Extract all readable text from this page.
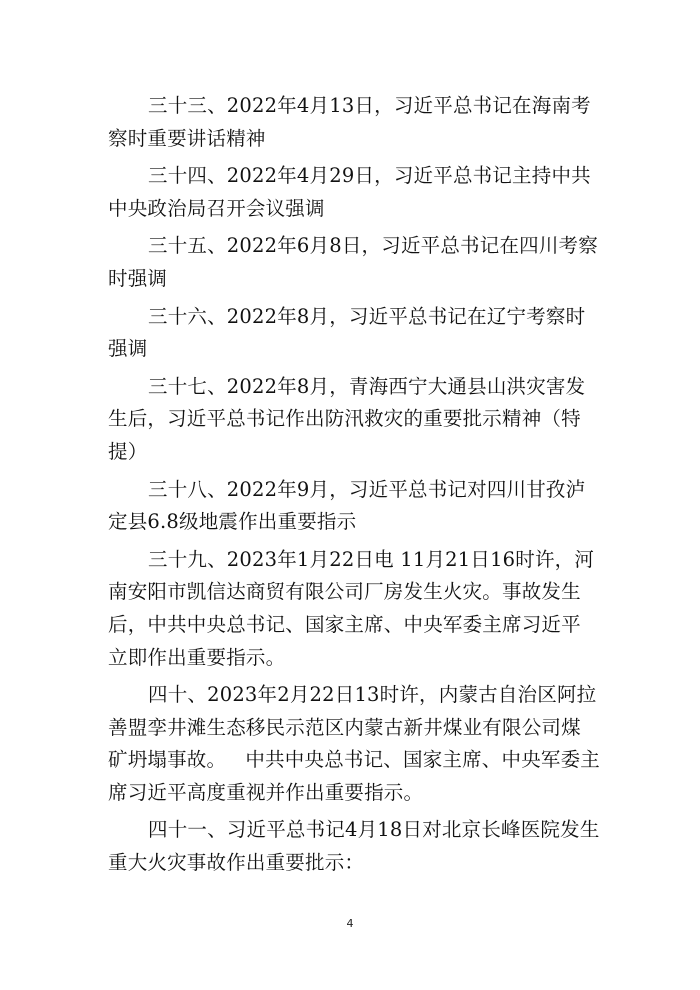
三十三、2022年4月13日，习近平总书记在海南考察时重要讲话精神

三十四、2022年4月29日，习近平总书记主持中共中央政治局召开会议强调

三十五、2022年6月8日，习近平总书记在四川考察时强调

三十六、2022年8月，习近平总书记在辽宁考察时强调

三十七、2022年8月，青海西宁大通县山洪灾害发生后，习近平总书记作出防汛救灾的重要批示精神（特提）

三十八、2022年9月，习近平总书记对四川甘孜泸定县6.8级地震作出重要指示

三十九、2023年1月22日电 11月21日16时许，河南安阳市凯信达商贸有限公司厂房发生火灾。事故发生后，中共中央总书记、国家主席、中央军委主席习近平立即作出重要指示。

四十、2023年2月22日13时许，内蒙古自治区阿拉善盟孪井滩生态移民示范区内蒙古新井煤业有限公司煤矿坍塌事故。   中共中央总书记、国家主席、中央军委主席习近平高度重视并作出重要指示。

四十一、习近平总书记4月18日对北京长峰医院发生重大火灾事故作出重要批示：

4
